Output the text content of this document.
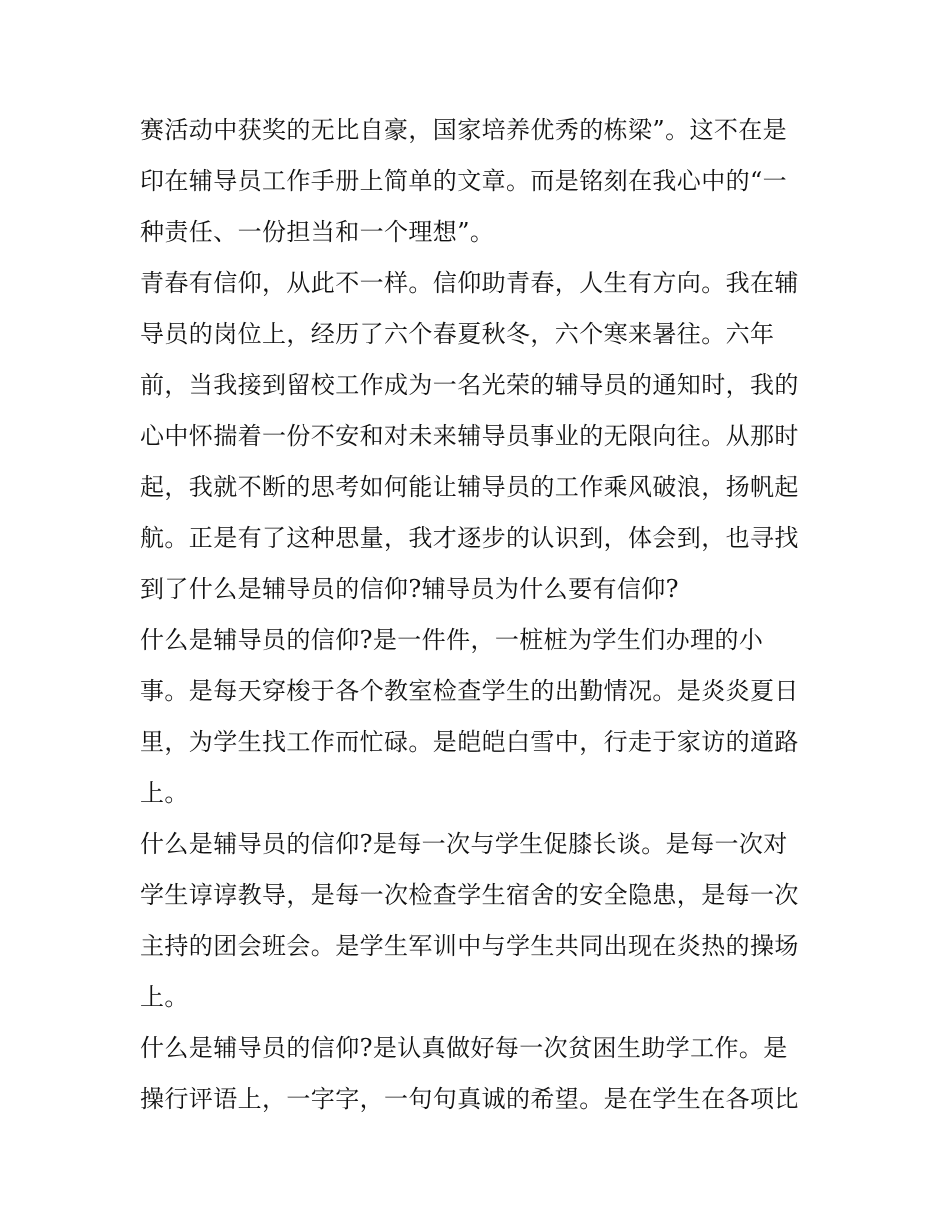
赛活动中获奖的无比自豪，国家培养优秀的栋梁”。这不在是
印在辅导员工作手册上简单的文章。而是铭刻在我心中的“一
种责任、一份担当和一个理想”。
青春有信仰，从此不一样。信仰助青春，人生有方向。我在辅
导员的岗位上，经历了六个春夏秋冬，六个寒来暑往。六年
前，当我接到留校工作成为一名光荣的辅导员的通知时，我的
心中怀揣着一份不安和对未来辅导员事业的无限向往。从那时
起，我就不断的思考如何能让辅导员的工作乘风破浪，扬帆起
航。正是有了这种思量，我才逐步的认识到，体会到，也寻找
到了什么是辅导员的信仰?辅导员为什么要有信仰?
什么是辅导员的信仰?是一件件，一桩桩为学生们办理的小
事。是每天穿梭于各个教室检查学生的出勤情况。是炎炎夏日
里，为学生找工作而忙碌。是皑皑白雪中，行走于家访的道路
上。
什么是辅导员的信仰?是每一次与学生促膝长谈。是每一次对
学生谆谆教导，是每一次检查学生宿舍的安全隐患，是每一次
主持的团会班会。是学生军训中与学生共同出现在炎热的操场
上。
什么是辅导员的信仰?是认真做好每一次贫困生助学工作。是
操行评语上，一字字，一句句真诚的希望。是在学生在各项比
